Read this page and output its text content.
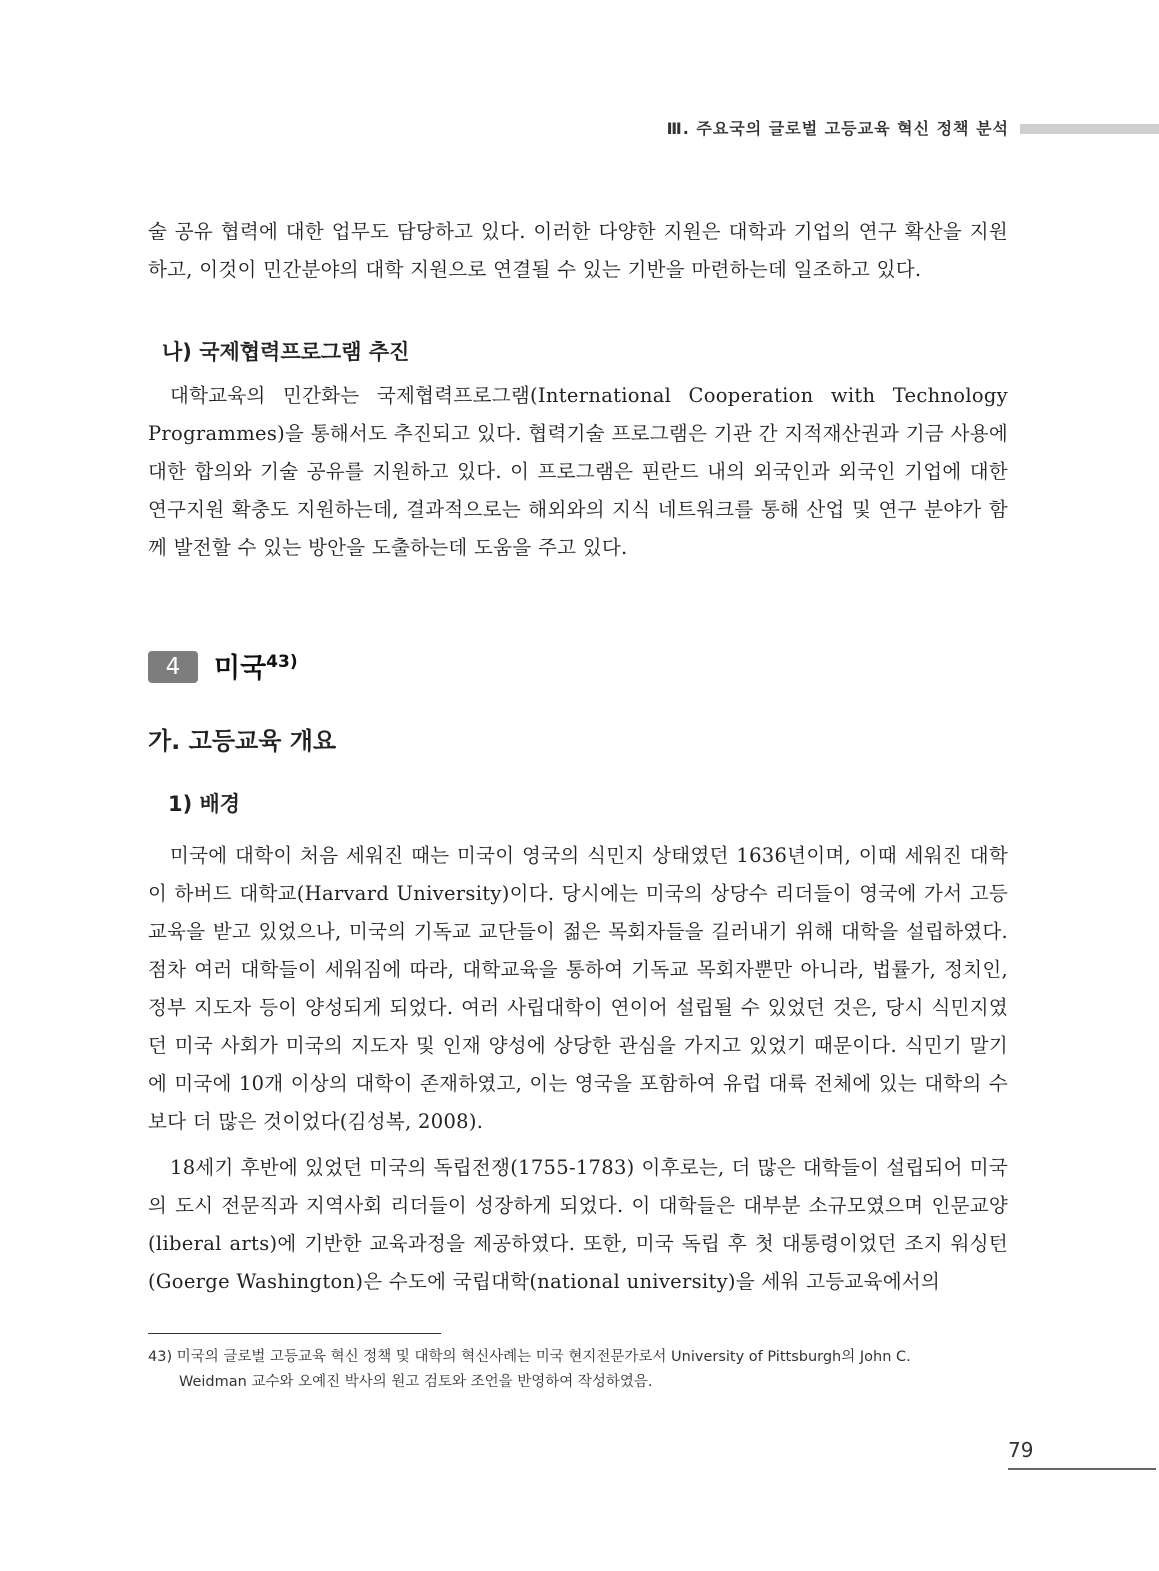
Ⅲ. 주요국의 글로벌 고등교육 혁신 정책 분석

술 공유 협력에 대한 업무도 담당하고 있다. 이러한 다양한 지원은 대학과 기업의 연구 확산을 지원하고, 이것이 민간분야의 대학 지원으로 연결될 수 있는 기반을 마련하는데 일조하고 있다.

나) 국제협력프로그램 추진

대학교육의 민간화는 국제협력프로그램(International Cooperation with Technology Programmes)을 통해서도 추진되고 있다. 협력기술 프로그램은 기관 간 지적재산권과 기금 사용에 대한 합의와 기술 공유를 지원하고 있다. 이 프로그램은 핀란드 내의 외국인과 외국인 기업에 대한 연구지원 확충도 지원하는데, 결과적으로는 해외와의 지식 네트워크를 통해 산업 및 연구 분야가 함께 발전할 수 있는 방안을 도출하는데 도움을 주고 있다.

4	미국$^{43)}$
가. 고등교육 개요
1) 배경

미국에 대학이 처음 세워진 때는 미국이 영국의 식민지 상태였던 1636년이며, 이때 세워진 대학이 하버드 대학교(Harvard University)이다. 당시에는 미국의 상당수 리더들이 영국에 가서 고등교육을 받고 있었으나, 미국의 기독교 교단들이 젊은 목회자들을 길러내기 위해 대학을 설립하였다. 점차 여러 대학들이 세워짐에 따라, 대학교육을 통하여 기독교 목회자뿐만 아니라, 법률가, 정치인, 정부 지도자 등이 양성되게 되었다. 여러 사립대학이 연이어 설립될 수 있었던 것은, 당시 식민지였던 미국 사회가 미국의 지도자 및 인재 양성에 상당한 관심을 가지고 있었기 때문이다. 식민기 말기에 미국에 10개 이상의 대학이 존재하였고, 이는 영국을 포함하여 유럽 대륙 전체에 있는 대학의 수보다 더 많은 것이었다(김성복, 2008).

18세기 후반에 있었던 미국의 독립전쟁(1755-1783) 이후로는, 더 많은 대학들이 설립되어 미국의 도시 전문직과 지역사회 리더들이 성장하게 되었다. 이 대학들은 대부분 소규모였으며 인문교양(liberal arts)에 기반한 교육과정을 제공하였다. 또한, 미국 독립 후 첫 대통령이었던 조지 워싱턴(Goerge Washington)은 수도에 국립대학(national university)을 세워 고등교육에서의

43) 미국의 글로벌 고등교육 혁신 정책 및 대학의 혁신사례는 미국 현지전문가로서 University of Pittsburgh의 John C.
Weidman 교수와 오예진 박사의 원고 검토와 조언을 반영하여 작성하였음.
79
